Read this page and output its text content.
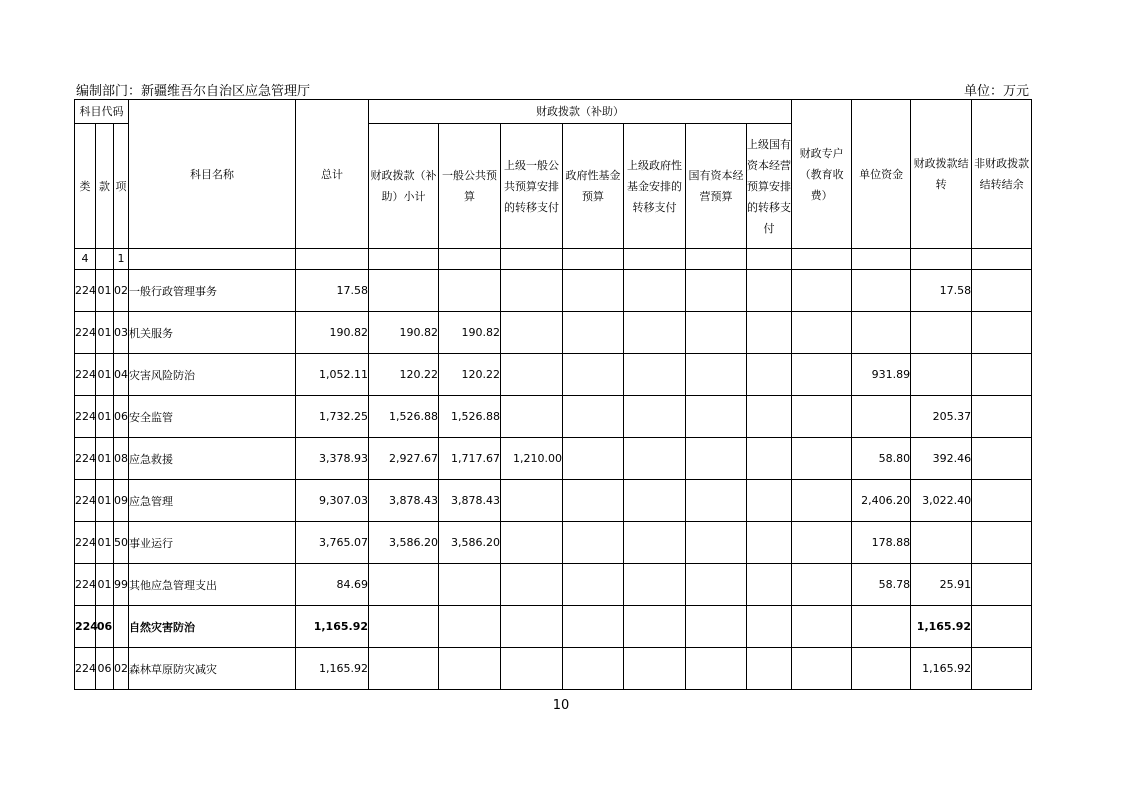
编制部门：新疆维吾尔自治区应急管理厅	单位：万元
科目代码			科目名称	总计	财政拨款（补助）							财政专户（教育收费）	单位资金	财政拨款结转	非财政拨款结转结余
类	款	项			财政拨款（补助）小计	一般公共预算	上级一般公共预算安排的转移支付	政府性基金预算	上级政府性基金安排的转移支付	国有资本经营预算	上级国有资本经营预算安排的转移支付				
4		1													
224	01	02	一般行政管理事务	17.58										17.58	
224	01	03	机关服务	190.82	190.82	190.82									
224	01	04	灾害风险防治	1,052.11	120.22	120.22							931.89		
224	01	06	安全监管	1,732.25	1,526.88	1,526.88								205.37	
224	01	08	应急救援	3,378.93	2,927.67	1,717.67	1,210.00						58.80	392.46	
224	01	09	应急管理	9,307.03	3,878.43	3,878.43							2,406.20	3,022.40	
224	01	50	事业运行	3,765.07	3,586.20	3,586.20							178.88		
224	01	99	其他应急管理支出	84.69									58.78	25.91	
224	06		自然灾害防治	1,165.92										1,165.92	
224	06	02	森林草原防灾减灾	1,165.92										1,165.92	
10
